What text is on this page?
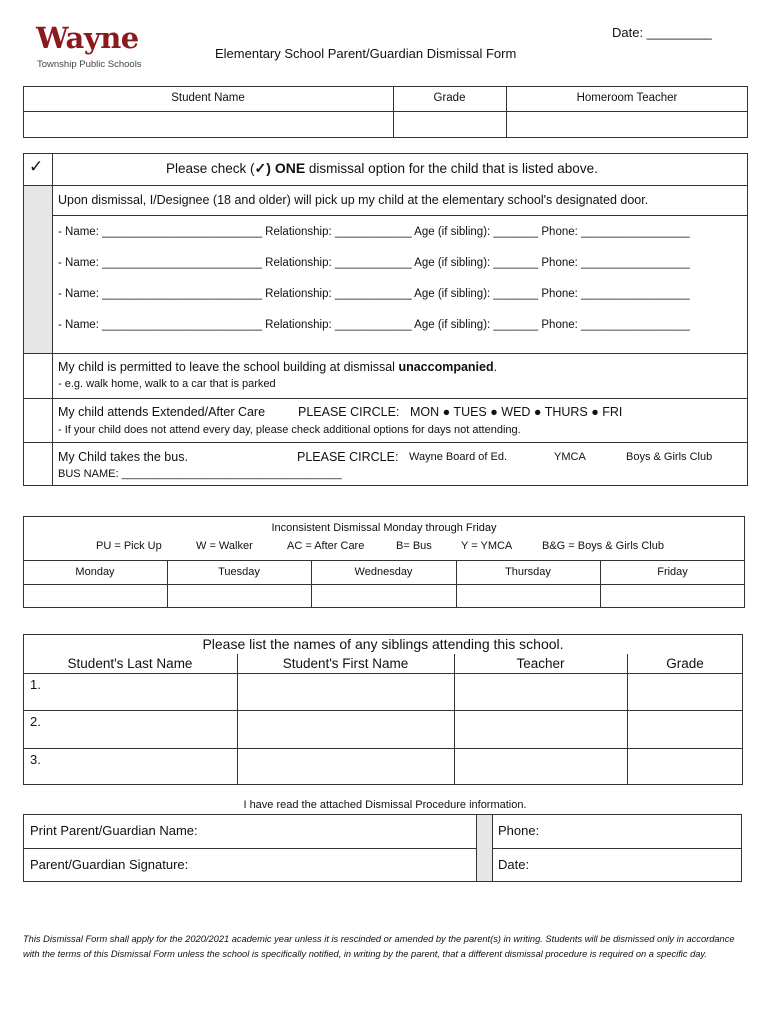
Wayne
Township Public Schools
Date: _________
Elementary School Parent/Guardian Dismissal Form
Student Name	Grade	Homeroom Teacher
✓	Please check (✓) ONE dismissal option for the child that is listed above.
Upon dismissal, I/Designee (18 and older) will pick up my child at the elementary school's designated door.
- Name: _________________________ Relationship: ____________ Age (if sibling): _______ Phone: _________________
- Name: _________________________ Relationship: ____________ Age (if sibling): _______ Phone: _________________
- Name: _________________________ Relationship: ____________ Age (if sibling): _______ Phone: _________________
- Name: _________________________ Relationship: ____________ Age (if sibling): _______ Phone: _________________
My child is permitted to leave the school building at dismissal unaccompanied.
- e.g. walk home, walk to a car that is parked
My child attends Extended/After Care	PLEASE CIRCLE: MON ● TUES ● WED ● THURS ● FRI
- If your child does not attend every day, please check additional options for days not attending.
My Child takes the bus.	PLEASE CIRCLE: Wayne Board of Ed.	YMCA	Boys & Girls Club
BUS NAME: ____________________________________
Inconsistent Dismissal Monday through Friday
PU = Pick Up	W = Walker	AC = After Care	B= Bus	Y = YMCA	B&G = Boys & Girls Club
Monday	Tuesday	Wednesday	Thursday	Friday
Please list the names of any siblings attending this school.
Student's Last Name	Student's First Name	Teacher	Grade
1.
2.
3.
I have read the attached Dismissal Procedure information.
Print Parent/Guardian Name:	Phone:
Parent/Guardian Signature:	Date:
This Dismissal Form shall apply for the 2020/2021 academic year unless it is rescinded or amended by the parent(s) in writing. Students will be dismissed only in accordance with the terms of this Dismissal Form unless the school is specifically notified, in writing by the parent, that a different dismissal procedure is required on a specific day.
